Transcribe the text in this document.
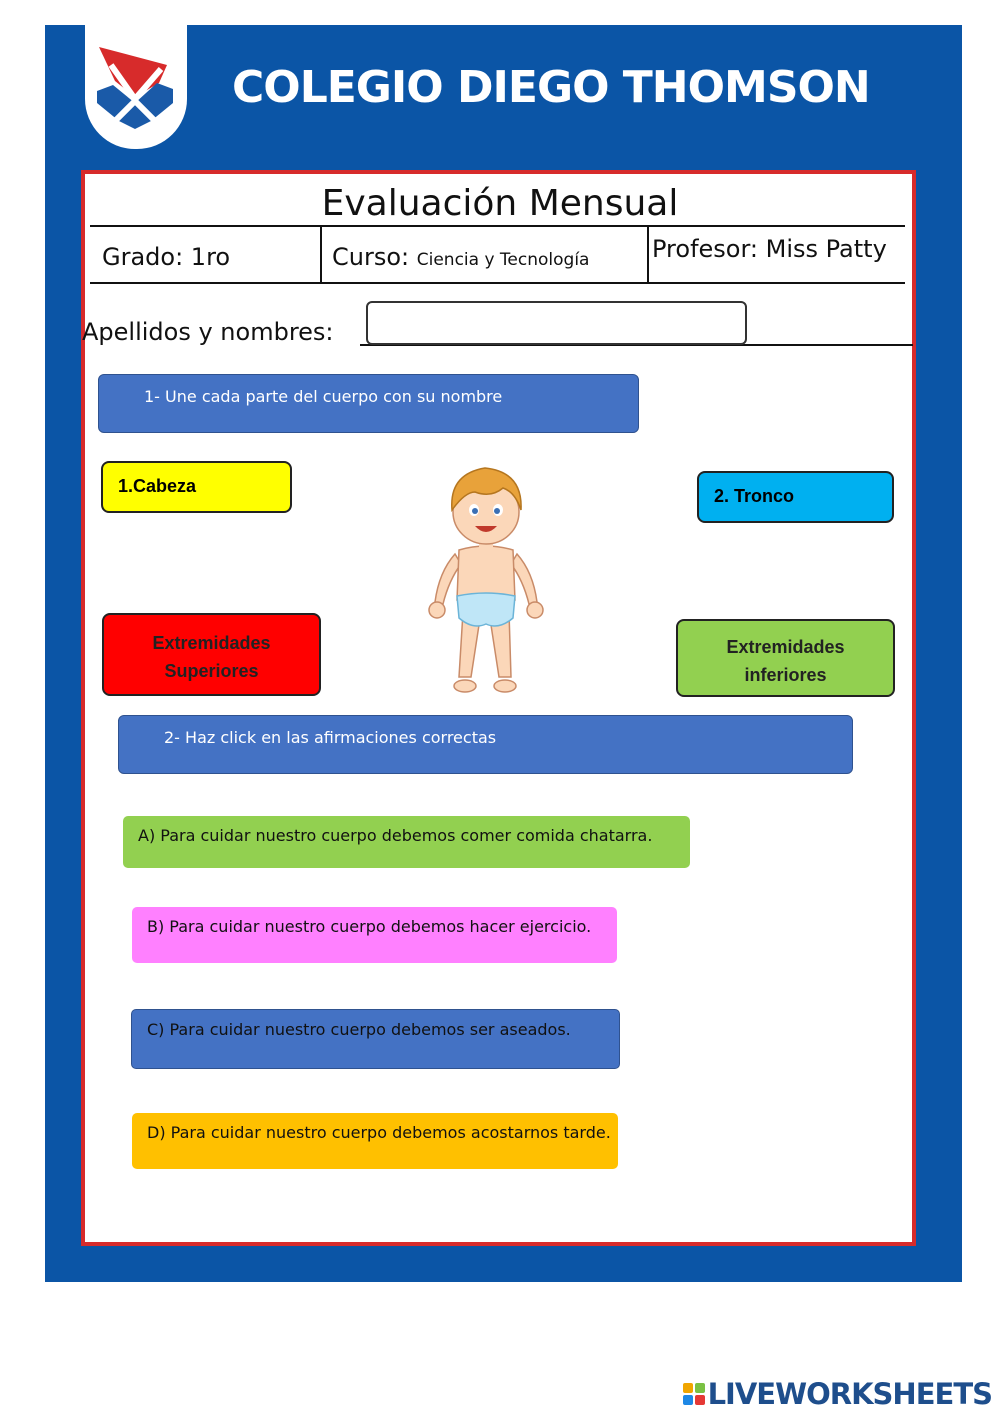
COLEGIO DIEGO THOMSON
Evaluación Mensual
Grado: 1ro	Curso: Ciencia y Tecnología	Profesor: Miss Patty
Apellidos y nombres:
1- Une cada parte del cuerpo con su nombre
1.Cabeza	2. Tronco
Extremidades
Superiores
Extremidades
inferiores
2- Haz click en las afirmaciones correctas
A) Para cuidar nuestro cuerpo debemos comer comida chatarra.
B) Para cuidar nuestro cuerpo debemos hacer ejercicio.
C) Para cuidar nuestro cuerpo debemos ser aseados.
D) Para cuidar nuestro cuerpo debemos acostarnos tarde.
LIVEWORKSHEETS
